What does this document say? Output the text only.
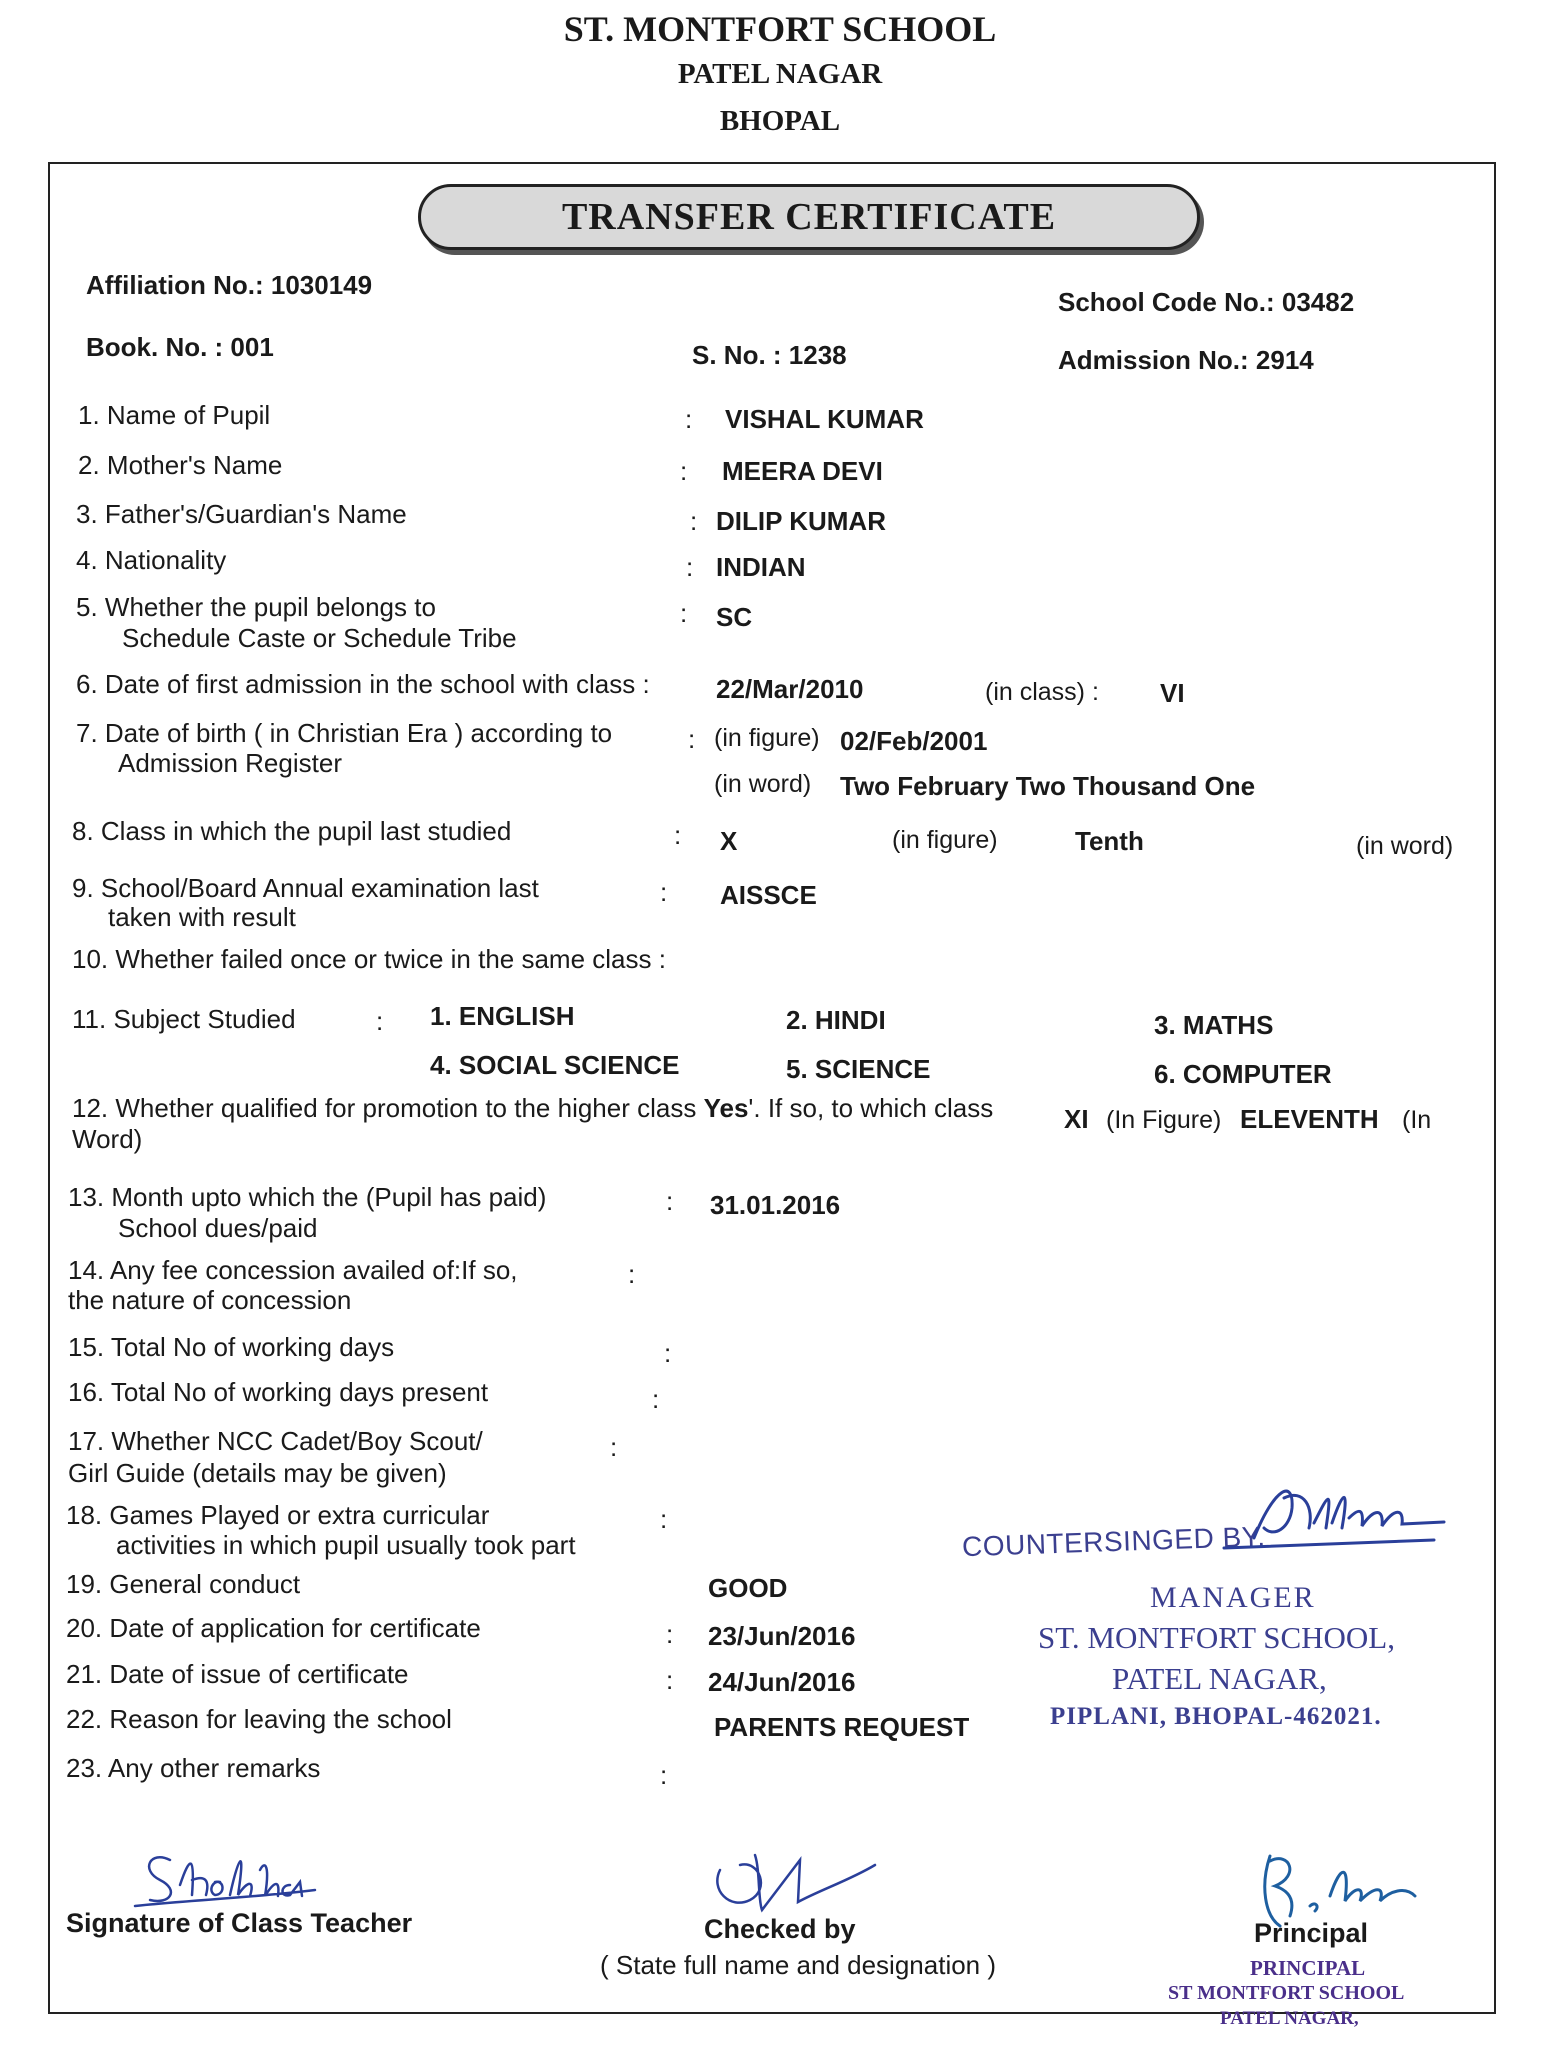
ST. MONTFORT SCHOOL
PATEL NAGAR
BHOPAL
TRANSFER CERTIFICATE
Affiliation No.: 1030149
School Code No.: 03482
Book. No. : 001	S. No. : 1238	Admission No.: 2914
1. Name of Pupil	: VISHAL KUMAR
2. Mother's Name	: MEERA DEVI
3. Father's/Guardian's Name	: DILIP KUMAR
4. Nationality	: INDIAN
5. Whether the pupil belongs to
Schedule Caste or Schedule Tribe
: SC
6. Date of first admission in the school with class :	22/Mar/2010	(in class) : VI
7. Date of birth ( in Christian Era ) according to
Admission Register
: (in figure) 02/Feb/2001
(in word) Two February Two Thousand One
8. Class in which the pupil last studied	: X	(in figure)	Tenth	(in word)
9. School/Board Annual examination last
taken with result
: AISSCE
10. Whether failed once or twice in the same class :
11. Subject Studied	: 1. ENGLISH	2. HINDI	3. MATHS
4. SOCIAL SCIENCE	5. SCIENCE	6. COMPUTER
12. Whether qualified for promotion to the higher class Yes'. If so, to which class	XI (In Figure) ELEVENTH (In
Word)
13. Month upto which the (Pupil has paid)
School dues/paid
: 31.01.2016
14. Any fee concession availed of:If so,
the nature of concession
:
15. Total No of working days	:
16. Total No of working days present	:
17. Whether NCC Cadet/Boy Scout/
Girl Guide (details may be given)
:
18. Games Played or extra curricular
activities in which pupil usually took part
:
19. General conduct	GOOD
20. Date of application for certificate	: 23/Jun/2016
21. Date of issue of certificate	: 24/Jun/2016
22. Reason for leaving the school	PARENTS REQUEST
23. Any other remarks	:
COUNTERSINGED BY.
MANAGER
ST. MONTFORT SCHOOL,
PATEL NAGAR,
PIPLANI, BHOPAL-462021.
Signature of Class Teacher	Checked by
( State full name and designation )
Principal
PRINCIPAL
ST MONTFORT SCHOOL
PATEL NAGAR,
